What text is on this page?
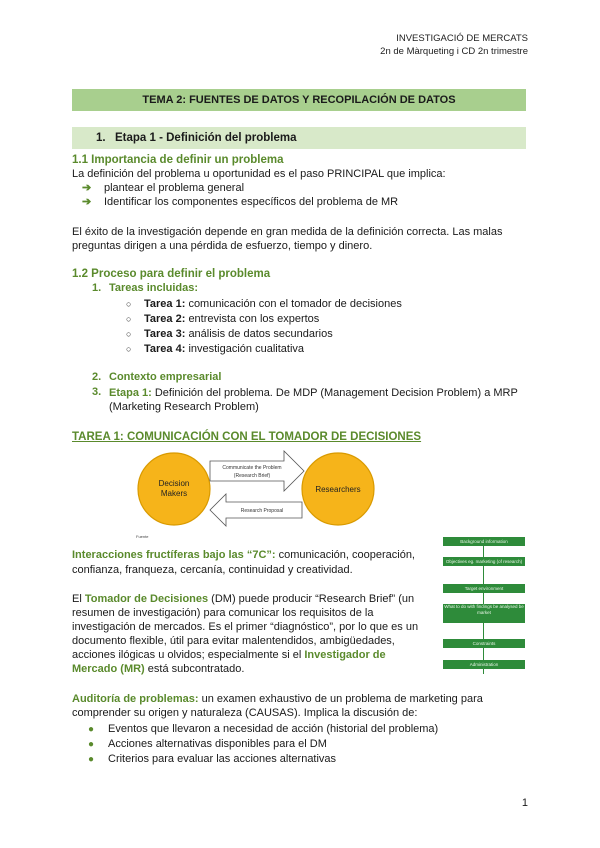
INVESTIGACIÓ DE MERCATS
2n de Màrqueting i CD 2n trimestre
TEMA 2: FUENTES DE DATOS Y RECOPILACIÓN DE DATOS
1. Etapa 1 - Definición del problema
1.1 Importancia de definir un problema
La definición del problema u oportunidad es el paso PRINCIPAL que implica:
➔ plantear el problema general
➔ Identificar los componentes específicos del problema de MR
El éxito de la investigación depende en gran medida de la definición correcta. Las malas
preguntas dirigen a una pérdida de esfuerzo, tiempo y dinero.
1.2 Proceso para definir el problema
1. Tareas incluidas:
○ Tarea 1: comunicación con el tomador de decisiones
○ Tarea 2: entrevista con los expertos
○ Tarea 3: análisis de datos secundarios
○ Tarea 4: investigación cualitativa
2. Contexto empresarial
3. Etapa 1: Definición del problema. De MDP (Management Decision Problem) a MRP
(Marketing Research Problem)
TAREA 1: COMUNICACIÓN CON EL TOMADOR DE DECISIONES
Decision
Makers	Researchers
Communicate the Problem
(Research Brief)
Research Proposal
Fuente
Interacciones fructíferas bajo las “7C”: comunicación, cooperación,
confianza, franqueza, cercanía, continuidad y creatividad.
El Tomador de Decisiones (DM) puede producir “Research Brief” (un
resumen de investigación) para comunicar los requisitos de la
investigación de mercados. Es el primer “diagnóstico”, por lo que es un
documento flexible, útil para evitar malentendidos, ambigüedades,
acciones ilógicas u olvidos; especialmente si el Investigador de
Mercado (MR) está subcontratado.
Background information
Objectives eg. marketing (of research)
Target environment
What to do with findings be analysed be market
Constraints
Administration
Auditoría de problemas: un examen exhaustivo de un problema de marketing para
comprender su origen y naturaleza (CAUSAS). Implica la discusión de:
● Eventos que llevaron a necesidad de acción (historial del problema)
● Acciones alternativas disponibles para el DM
● Criterios para evaluar las acciones alternativas
1
